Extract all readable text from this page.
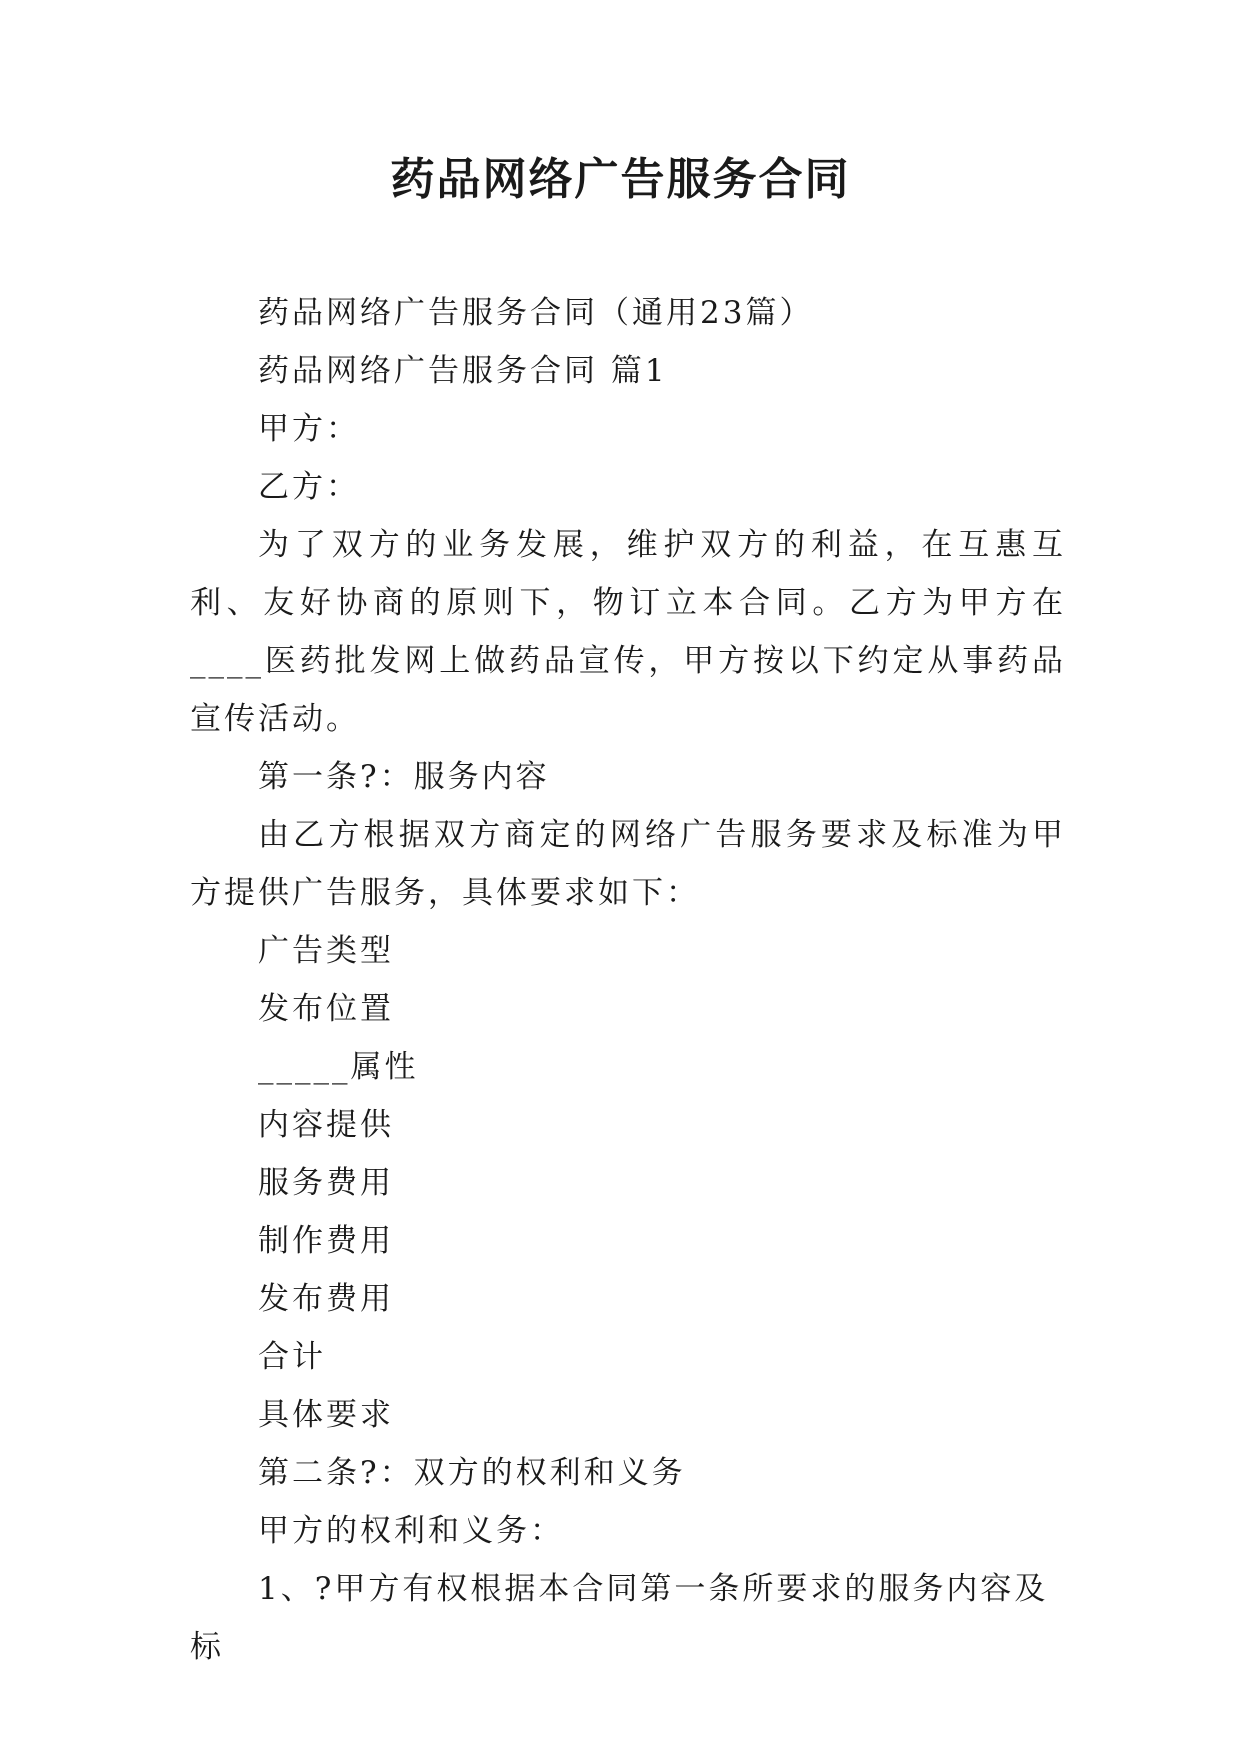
药品网络广告服务合同

药品网络广告服务合同（通用23篇）

药品网络广告服务合同 篇1

甲方：

乙方：

为了双方的业务发展，维护双方的利益，在互惠互利、友好协商的原则下，物订立本合同。乙方为甲方在____医药批发网上做药品宣传，甲方按以下约定从事药品宣传活动。

第一条?：服务内容

由乙方根据双方商定的网络广告服务要求及标准为甲方提供广告服务，具体要求如下：

广告类型

发布位置

_____属性

内容提供

服务费用

制作费用

发布费用

合计

具体要求

第二条?：双方的权利和义务

甲方的权利和义务：

1、?甲方有权根据本合同第一条所要求的服务内容及标
